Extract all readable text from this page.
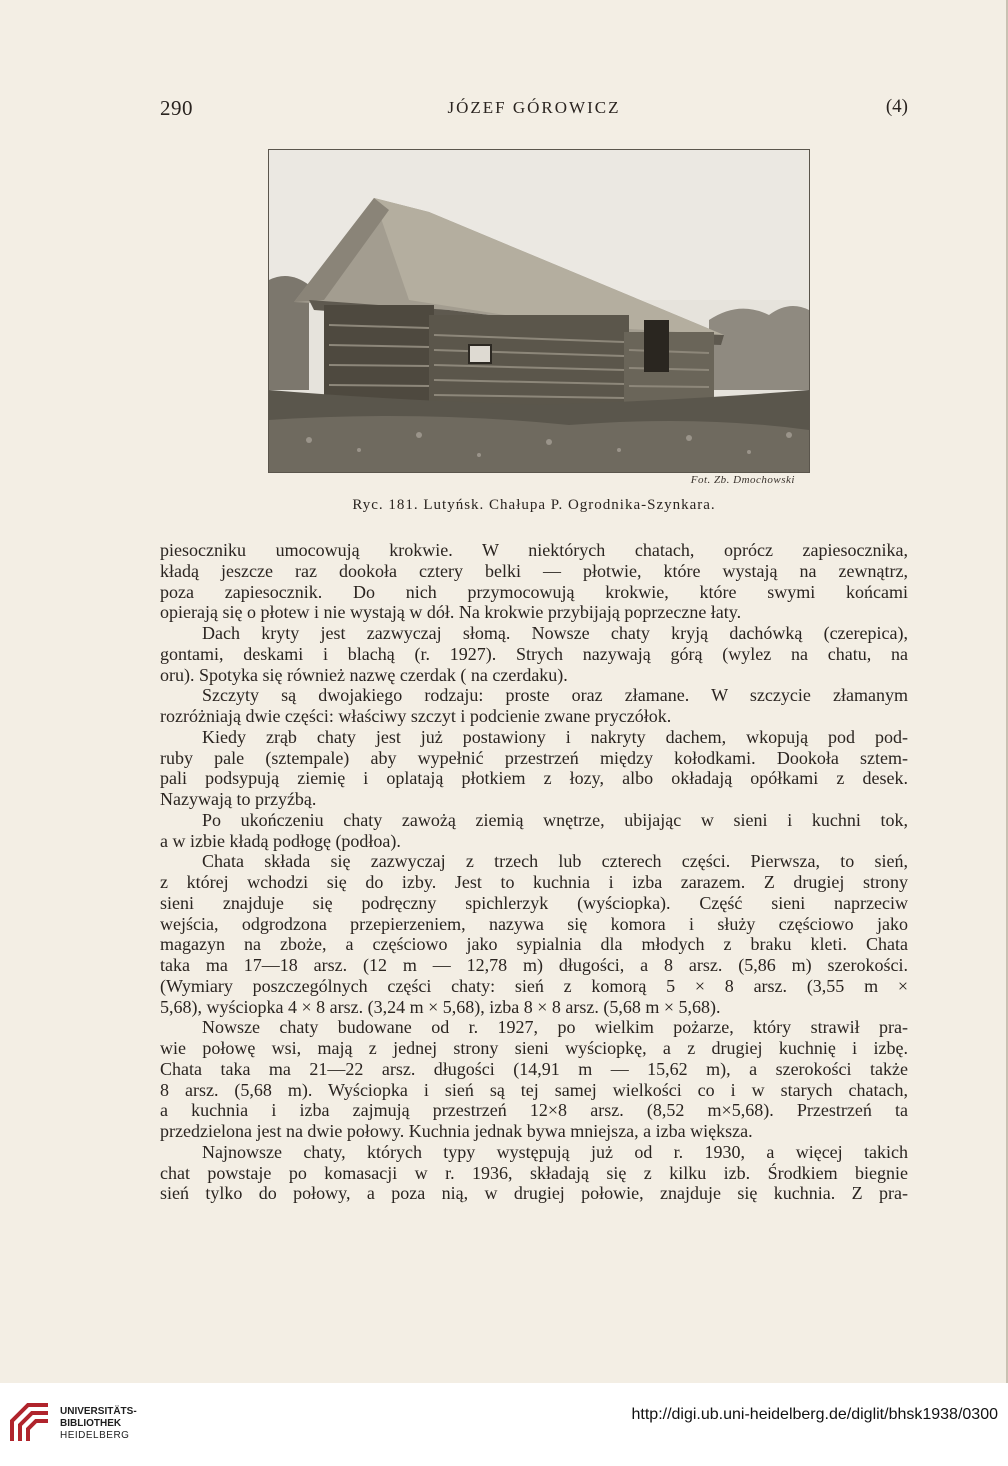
290	JÓZEF GÓROWICZ	(4)
Fot. Zb. Dmochowski
Ryc. 181. Lutyńsk. Chałupa P. Ogrodnika-Szynkara.

piesoczniku umocowują krokwie. W niektórych chatach, oprócz zapiesocznika,

kładą jeszcze raz dookoła cztery belki — płotwie, które wystają na zewnątrz,

poza zapiesocznik. Do nich przymocowują krokwie, które swymi końcami

opierają się o płotew i nie wystają w dół. Na krokwie przybijają poprzeczne łaty.

Dach kryty jest zazwyczaj słomą. Nowsze chaty kryją dachówką (czerepica),

gontami, deskami i blachą (r. 1927). Strych nazywają górą (wylez na chatu, na

oru). Spotyka się również nazwę czerdak ( na czerdaku).

Szczyty są dwojakiego rodzaju: proste oraz złamane. W szczycie złamanym

rozróżniają dwie części: właściwy szczyt i podcienie zwane pryczółok.

Kiedy zrąb chaty jest już postawiony i nakryty dachem, wkopują pod pod-

ruby pale (sztempale) aby wypełnić przestrzeń między kołodkami. Dookoła sztem-

pali podsypują ziemię i oplatają płotkiem z łozy, albo okładają opółkami z desek.

Nazywają to przyźbą.

Po ukończeniu chaty zawożą ziemią wnętrze, ubijając w sieni i kuchni tok,

a w izbie kładą podłogę (podłoa).

Chata składa się zazwyczaj z trzech lub czterech części. Pierwsza, to sień,

z której wchodzi się do izby. Jest to kuchnia i izba zarazem. Z drugiej strony

sieni znajduje się podręczny spichlerzyk (wyściopka). Część sieni naprzeciw

wejścia, odgrodzona przepierzeniem, nazywa się komora i służy częściowo jako

magazyn na zboże, a częściowo jako sypialnia dla młodych z braku kleti. Chata

taka ma 17—18 arsz. (12 m — 12,78 m) długości, a 8 arsz. (5,86 m) szerokości.

(Wymiary poszczególnych części chaty: sień z komorą 5 × 8 arsz. (3,55 m ×

5,68), wyściopka 4 × 8 arsz. (3,24 m × 5,68), izba 8 × 8 arsz. (5,68 m × 5,68).

Nowsze chaty budowane od r. 1927, po wielkim pożarze, który strawił pra-

wie połowę wsi, mają z jednej strony sieni wyściopkę, a z drugiej kuchnię i izbę.

Chata taka ma 21—22 arsz. długości (14,91 m — 15,62 m), a szerokości także

8 arsz. (5,68 m). Wyściopka i sień są tej samej wielkości co i w starych chatach,

a kuchnia i izba zajmują przestrzeń 12×8 arsz. (8,52 m×5,68). Przestrzeń ta

przedzielona jest na dwie połowy. Kuchnia jednak bywa mniejsza, a izba większa.

Najnowsze chaty, których typy występują już od r. 1930, a więcej takich

chat powstaje po komasacji w r. 1936, składają się z kilku izb. Środkiem biegnie

sień tylko do połowy, a poza nią, w drugiej połowie, znajduje się kuchnia. Z pra-

UNIVERSITÄTS-
BIBLIOTHEK
HEIDELBERG
http://digi.ub.uni-heidelberg.de/diglit/bhsk1938/0300
